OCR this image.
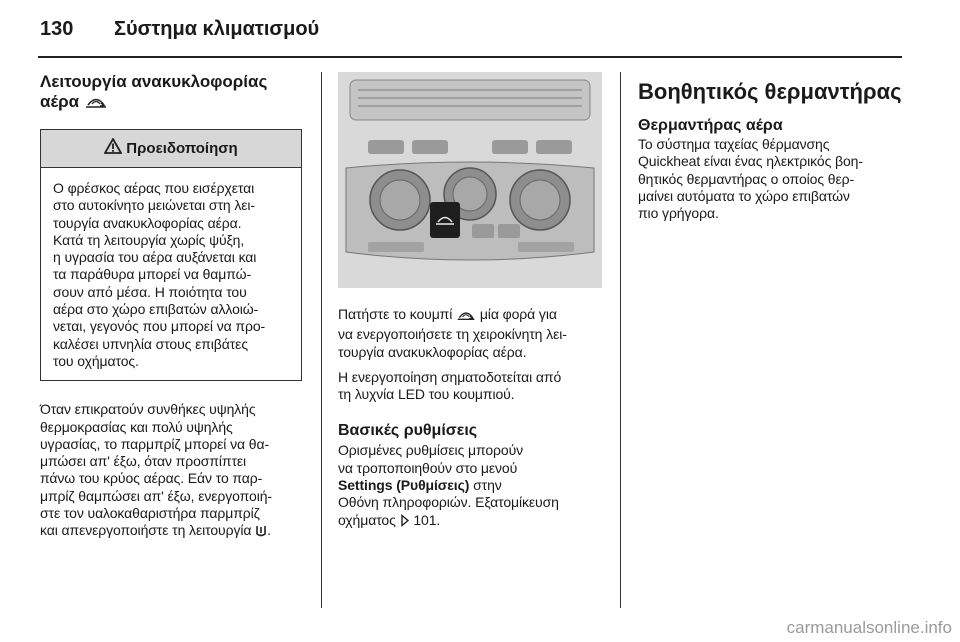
130	Σύστημα κλιματισμού
Λειτουργία ανακυκλοφορίας
αέρα
Προειδοποίηση
Ο φρέσκος αέρας που εισέρχεται
στο αυτοκίνητο μειώνεται στη λει-
τουργία ανακυκλοφορίας αέρα.
Κατά τη λειτουργία χωρίς ψύξη,
η υγρασία του αέρα αυξάνεται και
τα παράθυρα μπορεί να θαμπώ-
σουν από μέσα. Η ποιότητα του
αέρα στο χώρο επιβατών αλλοιώ-
νεται, γεγονός που μπορεί να προ-
καλέσει υπνηλία στους επιβάτες
του οχήματος.
Όταν επικρατούν συνθήκες υψηλής
θερμοκρασίας και πολύ υψηλής
υγρασίας, το παρμπρίζ μπορεί να θα-
μπώσει απ' έξω, όταν προσπίπτει
πάνω του κρύος αέρας. Εάν το παρ-
μπρίζ θαμπώσει απ' έξω, ενεργοποιή-
στε τον υαλοκαθαριστήρα παρμπρίζ
και απενεργοποιήστε τη λειτουργία .
Πατήστε το κουμπί μία φορά για
να ενεργοποιήσετε τη χειροκίνητη λει-
τουργία ανακυκλοφορίας αέρα.
Η ενεργοποίηση σηματοδοτείται από
τη λυχνία LED του κουμπιού.
Βασικές ρυθμίσεις
Ορισμένες ρυθμίσεις μπορούν
να τροποποιηθούν στο μενού
Settings (Ρυθμίσεις) στην
Οθόνη πληροφοριών. Εξατομίκευση
οχήματος 101.
Βοηθητικός θερμαντήρας
Θερμαντήρας αέρα
Το σύστημα ταχείας θέρμανσης
Quickheat είναι ένας ηλεκτρικός βοη-
θητικός θερμαντήρας ο οποίος θερ-
μαίνει αυτόματα το χώρο επιβατών
πιο γρήγορα.
carmanualsonline.info
